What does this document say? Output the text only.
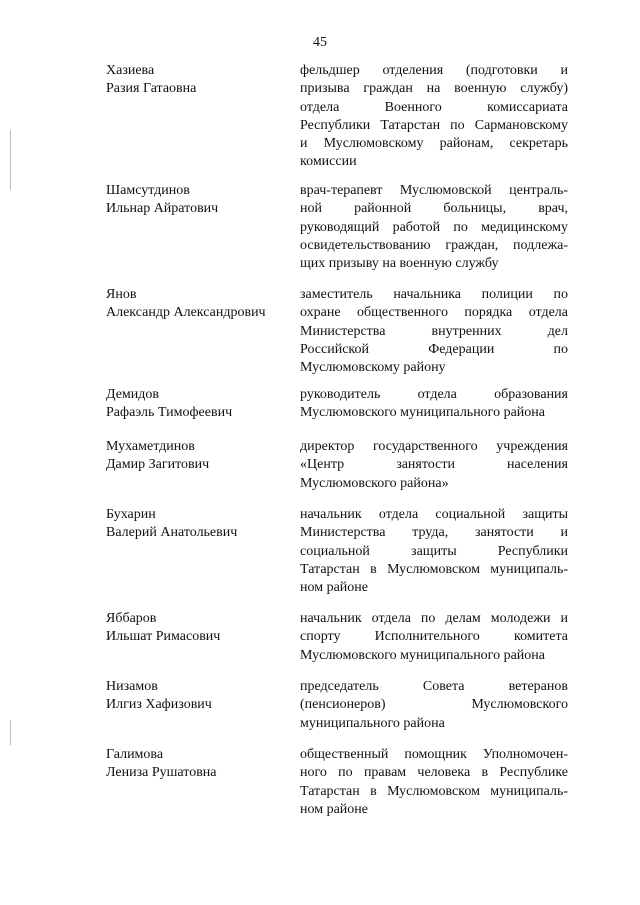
45
Хазиева
Разия Гатаовна
фельдшер отделения (подготовки и
призыва граждан на военную службу)
отдела Военного комиссариата
Республики Татарстан по Сармановскому
и Муслюмовскому районам, секретарь
комиссии
Шамсутдинов
Ильнар Айратович
врач-терапевт Муслюмовской централь-
ной районной больницы, врач,
руководящий работой по медицинскому
освидетельствованию граждан, подлежа-
щих призыву на военную службу
Янов
Александр Александрович
заместитель начальника полиции по
охране общественного порядка отдела
Министерства внутренних дел
Российской Федерации по
Муслюмовскому району
Демидов
Рафаэль Тимофеевич
руководитель отдела образования
Муслюмовского муниципального района
Мухаметдинов
Дамир Загитович
директор государственного учреждения
«Центр занятости населения
Муслюмовского района»
Бухарин
Валерий Анатольевич
начальник отдела социальной защиты
Министерства труда, занятости и
социальной защиты Республики
Татарстан в Муслюмовском муниципаль-
ном районе
Яббаров
Ильшат Римасович
начальник отдела по делам молодежи и
спорту Исполнительного комитета
Муслюмовского муниципального района
Низамов
Илгиз Хафизович
председатель Совета ветеранов
(пенсионеров) Муслюмовского
муниципального района
Галимова
Лениза Рушатовна
общественный помощник Уполномочен-
ного по правам человека в Республике
Татарстан в Муслюмовском муниципаль-
ном районе
